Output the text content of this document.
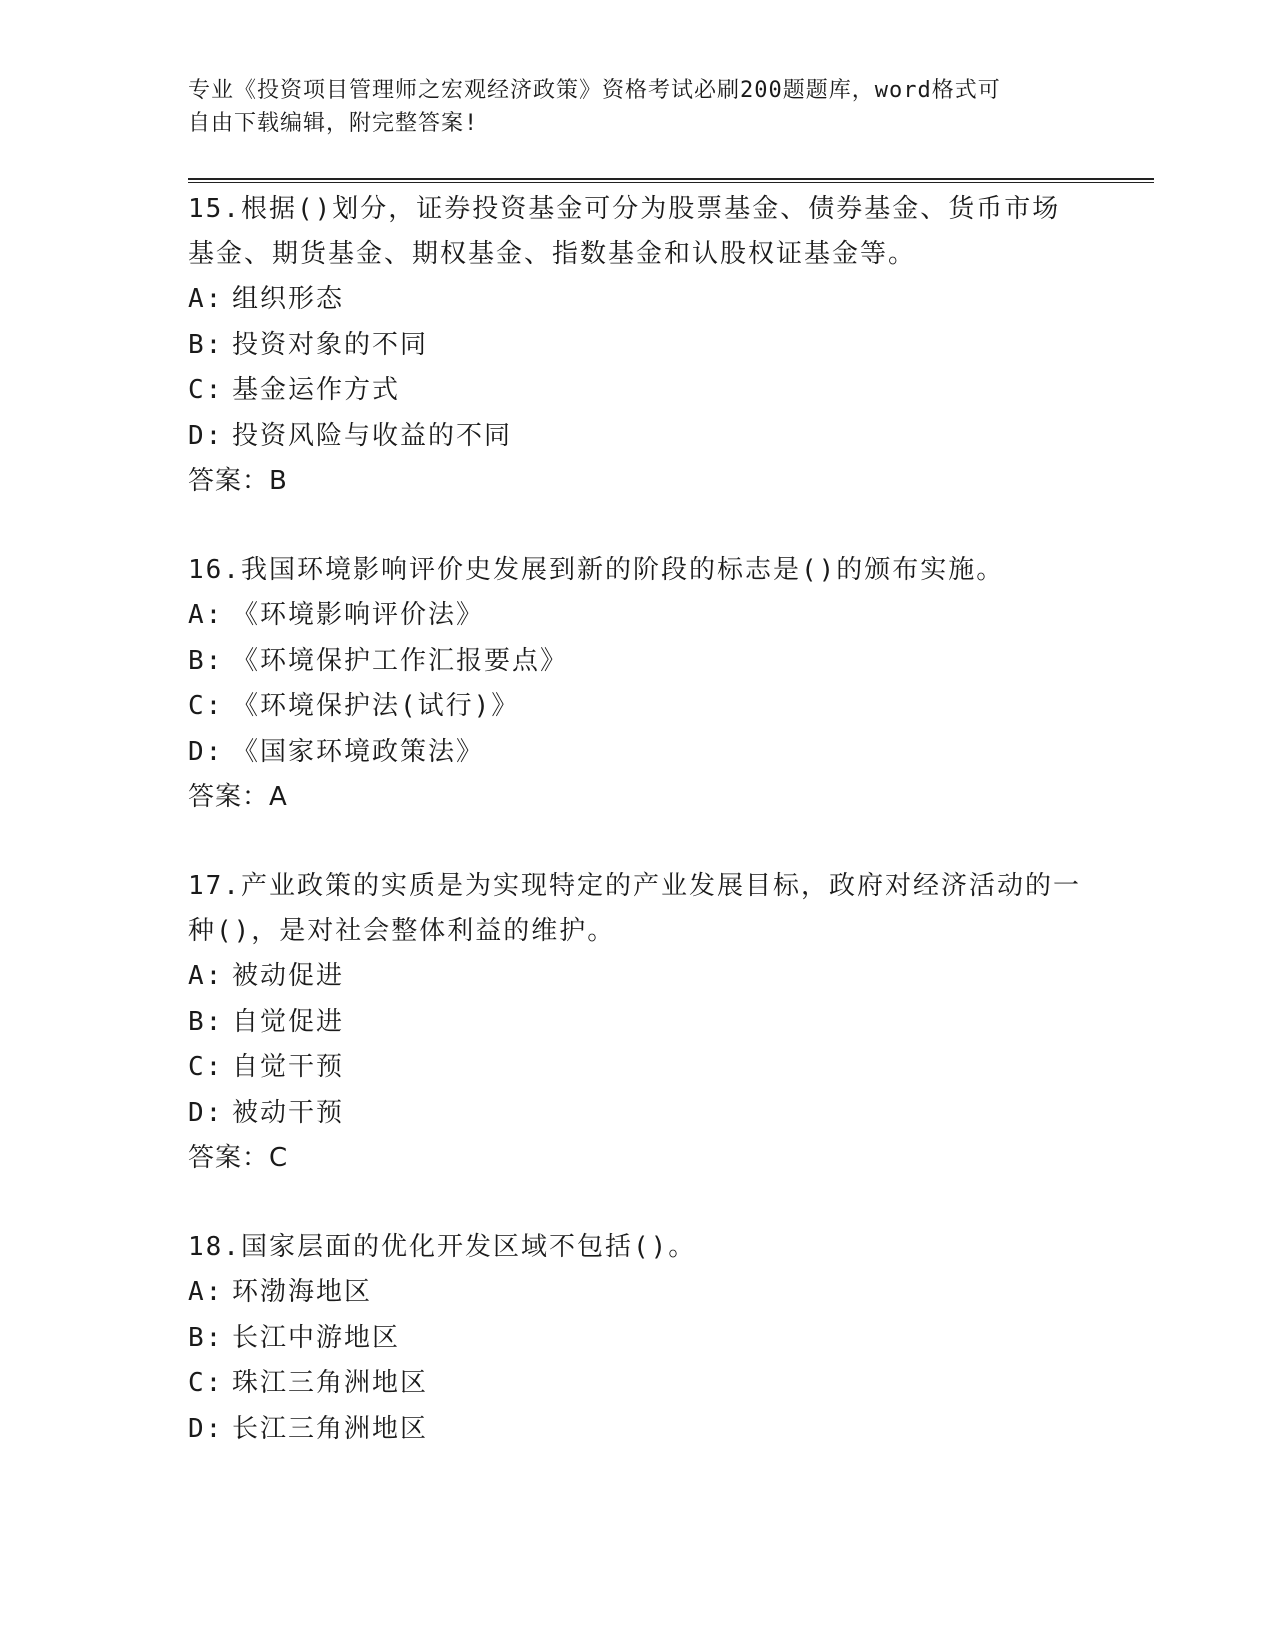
专业《投资项目管理师之宏观经济政策》资格考试必刷200题题库，word格式可
自由下载编辑，附完整答案!

15.根据()划分，证券投资基金可分为股票基金、债券基金、货币市场基金、期货基金、期权基金、指数基金和认股权证基金等。

A: 组织形态

B: 投资对象的不同

C: 基金运作方式

D: 投资风险与收益的不同

答案：B

16.我国环境影响评价史发展到新的阶段的标志是()的颁布实施。

A: 《环境影响评价法》

B: 《环境保护工作汇报要点》

C: 《环境保护法(试行)》

D: 《国家环境政策法》

答案：A

17.产业政策的实质是为实现特定的产业发展目标，政府对经济活动的一种()，是对社会整体利益的维护。

A: 被动促进

B: 自觉促进

C: 自觉干预

D: 被动干预

答案：C

18.国家层面的优化开发区域不包括()。

A: 环渤海地区

B: 长江中游地区

C: 珠江三角洲地区

D: 长江三角洲地区
